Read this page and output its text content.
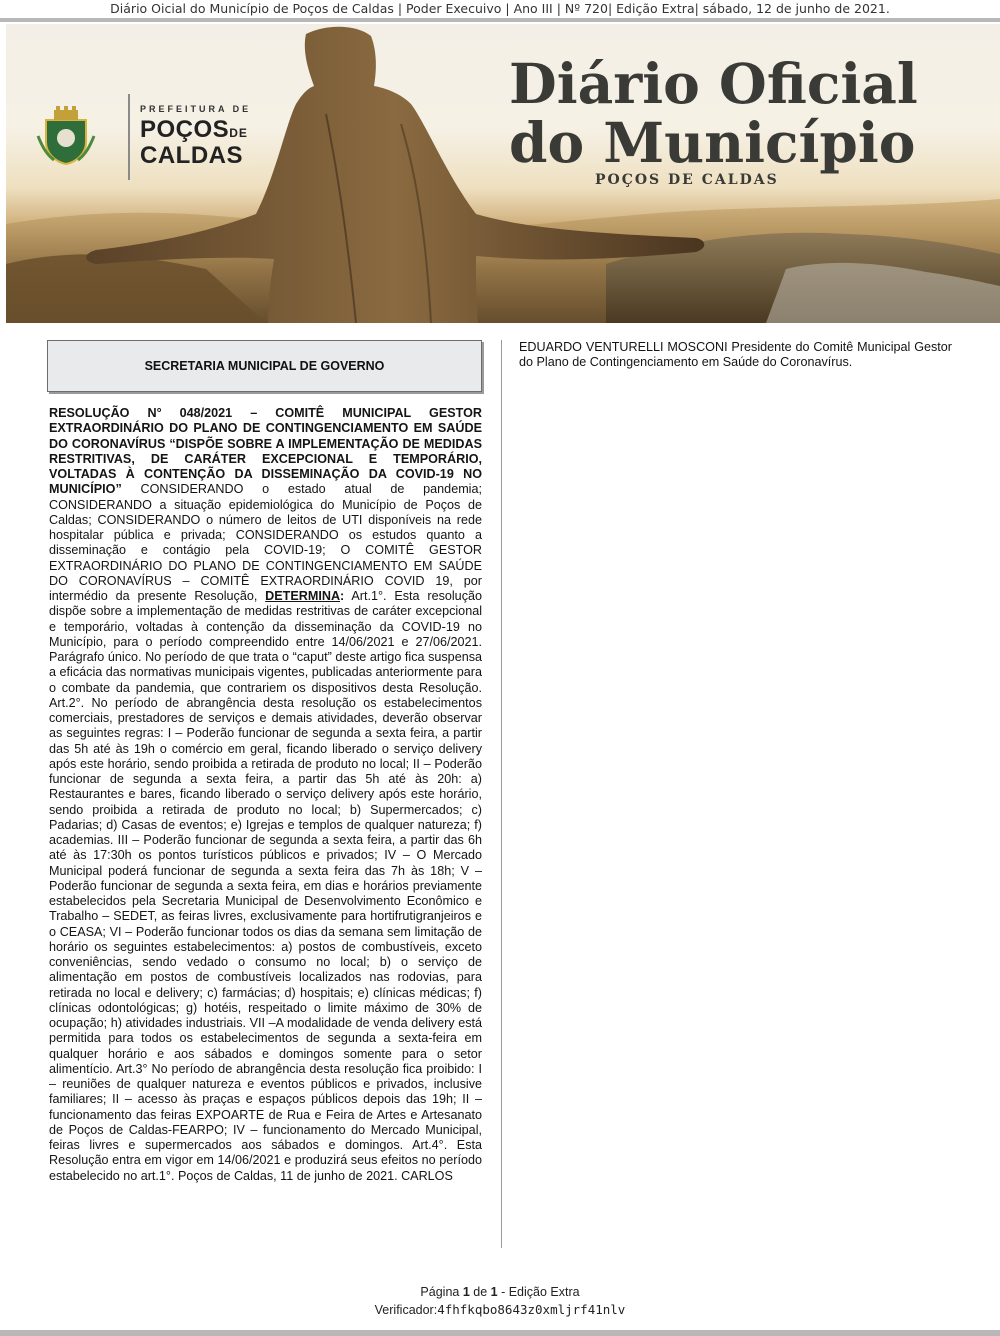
Diário Oicial do Município de Poços de Caldas | Poder Execuivo | Ano III | Nº 720| Edição Extra| sábado, 12 de junho de 2021.
PREFEITURA DE
POÇOSDE
CALDAS
Diário Oficial
do Município
POÇOS DE CALDAS
SECRETARIA MUNICIPAL DE GOVERNO
RESOLUÇÃO N° 048/2021 – COMITÊ MUNICIPAL GESTOR EXTRAORDINÁRIO DO PLANO DE CONTINGENCIAMENTO EM SAÚDE DO CORONAVÍRUS “DISPÕE SOBRE A IMPLEMENTAÇÃO DE MEDIDAS RESTRITIVAS, DE CARÁTER EXCEPCIONAL E TEMPORÁRIO, VOLTADAS À CONTENÇÃO DA DISSEMINAÇÃO DA COVID-19 NO MUNICÍPIO” CONSIDERANDO o estado atual de pandemia; CONSIDERANDO a situação epidemiológica do Município de Poços de Caldas; CONSIDERANDO o número de leitos de UTI disponíveis na rede hospitalar pública e privada; CONSIDERANDO os estudos quanto a disseminação e contágio pela COVID-19; O COMITÊ GESTOR EXTRAORDINÁRIO DO PLANO DE CONTINGENCIAMENTO EM SAÚDE DO CORONAVÍRUS – COMITÊ EXTRAORDINÁRIO COVID 19, por intermédio da presente Resolução, DETERMINA: Art.1°. Esta resolução dispõe sobre a implementação de medidas restritivas de caráter excepcional e temporário, voltadas à contenção da disseminação da COVID-19 no Município, para o período compreendido entre 14/06/2021 e 27/06/2021. Parágrafo único. No período de que trata o “caput” deste artigo fica suspensa a eficácia das normativas municipais vigentes, publicadas anteriormente para o combate da pandemia, que contrariem os dispositivos desta Resolução. Art.2°. No período de abrangência desta resolução os estabelecimentos comerciais, prestadores de serviços e demais atividades, deverão observar as seguintes regras: I – Poderão funcionar de segunda a sexta feira, a partir das 5h até às 19h o comércio em geral, ficando liberado o serviço delivery após este horário, sendo proibida a retirada de produto no local; II – Poderão funcionar de segunda a sexta feira, a partir das 5h até às 20h: a) Restaurantes e bares, ficando liberado o serviço delivery após este horário, sendo proibida a retirada de produto no local; b) Supermercados; c) Padarias; d) Casas de eventos; e) Igrejas e templos de qualquer natureza; f) academias. III – Poderão funcionar de segunda a sexta feira, a partir das 6h até às 17:30h os pontos turísticos públicos e privados; IV – O Mercado Municipal poderá funcionar de segunda a sexta feira das 7h às 18h; V – Poderão funcionar de segunda a sexta feira, em dias e horários previamente estabelecidos pela Secretaria Municipal de Desenvolvimento Econômico e Trabalho – SEDET, as feiras livres, exclusivamente para hortifrutigranjeiros e o CEASA; VI – Poderão funcionar todos os dias da semana sem limitação de horário os seguintes estabelecimentos: a) postos de combustíveis, exceto conveniências, sendo vedado o consumo no local; b) o serviço de alimentação em postos de combustíveis localizados nas rodovias, para retirada no local e delivery; c) farmácias; d) hospitais; e) clínicas médicas; f) clínicas odontológicas; g) hotéis, respeitado o limite máximo de 30% de ocupação; h) atividades industriais. VII –A modalidade de venda delivery está permitida para todos os estabelecimentos de segunda a sexta-feira em qualquer horário e aos sábados e domingos somente para o setor alimentício. Art.3° No período de abrangência desta resolução fica proibido: I – reuniões de qualquer natureza e eventos públicos e privados, inclusive familiares; II – acesso às praças e espaços públicos depois das 19h; II – funcionamento das feiras EXPOARTE de Rua e Feira de Artes e Artesanato de Poços de Caldas-FEARPO; IV – funcionamento do Mercado Municipal, feiras livres e supermercados aos sábados e domingos. Art.4°. Esta Resolução entra em vigor em 14/06/2021 e produzirá seus efeitos no período estabelecido no art.1°. Poços de Caldas, 11 de junho de 2021. CARLOS
EDUARDO VENTURELLI MOSCONI Presidente do Comitê Municipal Gestor do Plano de Contingenciamento em Saúde do Coronavírus.
Página 1 de 1 - Edição Extra
Verificador:4fhfkqbo8643z0xmljrf41nlv
